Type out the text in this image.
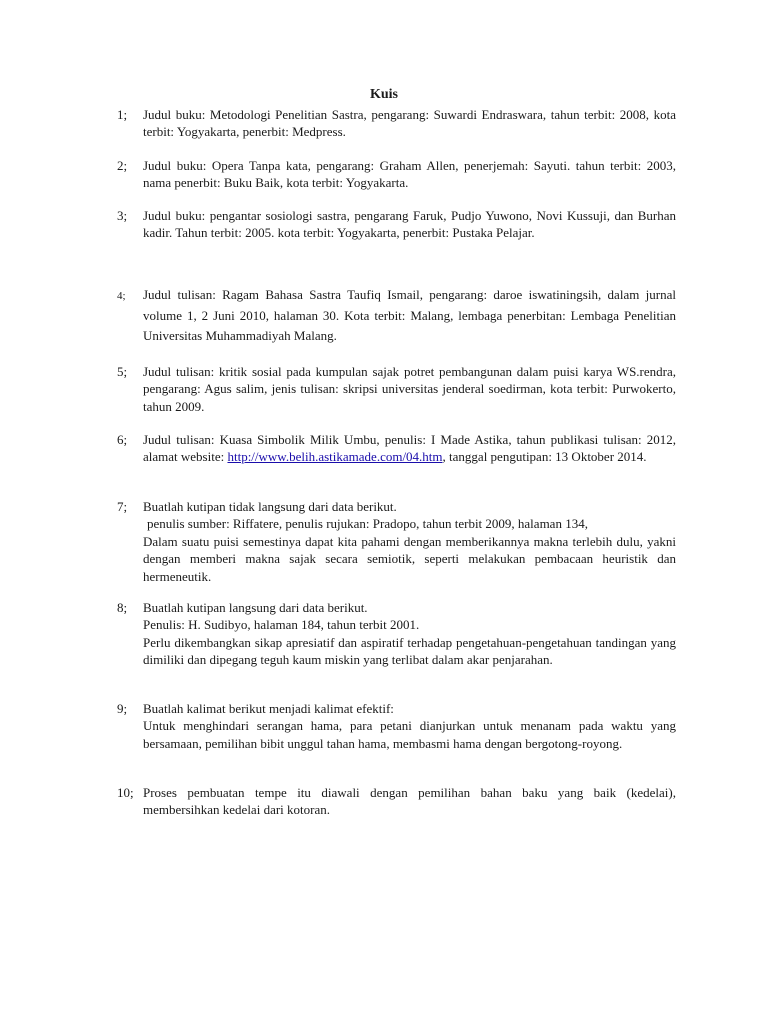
Kuis
1;	Judul buku: Metodologi Penelitian Sastra, pengarang: Suwardi Endraswara, tahun terbit: 2008, kota terbit: Yogyakarta, penerbit: Medpress.

2;	Judul buku: Opera Tanpa kata, pengarang: Graham Allen, penerjemah: Sayuti. tahun terbit: 2003, nama penerbit: Buku Baik, kota terbit: Yogyakarta.

3;	Judul buku: pengantar sosiologi sastra, pengarang Faruk, Pudjo Yuwono, Novi Kussuji, dan Burhan kadir. Tahun terbit: 2005. kota terbit: Yogyakarta, penerbit: Pustaka Pelajar.

4;	Judul tulisan: Ragam Bahasa Sastra Taufiq Ismail, pengarang: daroe iswatiningsih, dalam jurnal volume 1, 2 Juni 2010, halaman 30. Kota terbit: Malang, lembaga penerbitan: Lembaga Penelitian Universitas Muhammadiyah Malang.

5;	Judul tulisan: kritik sosial pada kumpulan sajak potret pembangunan dalam puisi karya WS.rendra, pengarang: Agus salim, jenis tulisan: skripsi universitas jenderal soedirman, kota terbit: Purwokerto, tahun 2009.

6;	Judul tulisan: Kuasa Simbolik Milik Umbu, penulis: I Made Astika, tahun publikasi tulisan: 2012, alamat website: http://www.belih.astikamade.com/04.htm, tanggal pengutipan: 13 Oktober 2014.

7;	Buatlah kutipan tidak langsung dari data berikut.

penulis sumber: Riffatere, penulis rujukan: Pradopo, tahun terbit 2009, halaman 134,

Dalam suatu puisi semestinya dapat kita pahami dengan memberikannya makna terlebih dulu, yakni dengan memberi makna sajak secara semiotik, seperti melakukan pembacaan heuristik dan hermeneutik.

8;	Buatlah kutipan langsung dari data berikut.

Penulis: H. Sudibyo, halaman 184, tahun terbit 2001.

Perlu dikembangkan sikap apresiatif dan aspiratif terhadap pengetahuan-pengetahuan tandingan yang dimiliki dan dipegang teguh kaum miskin yang terlibat dalam akar penjarahan.

9;	Buatlah kalimat berikut menjadi kalimat efektif:

Untuk menghindari serangan hama, para petani dianjurkan untuk menanam pada waktu yang bersamaan, pemilihan bibit unggul tahan hama, membasmi hama dengan bergotong-royong.

10; Proses pembuatan tempe itu diawali dengan pemilihan bahan baku yang baik (kedelai), membersihkan kedelai dari kotoran.
